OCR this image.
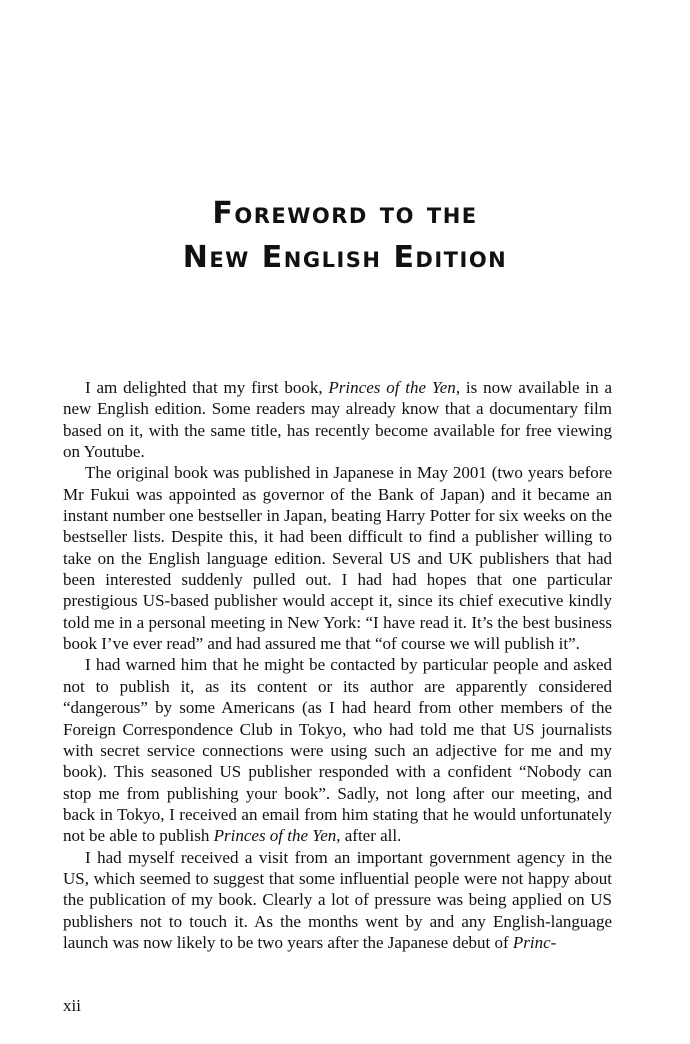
Foreword to the
New English Edition

I am delighted that my first book, Princes of the Yen, is now available in a new English edition. Some readers may already know that a documentary film based on it, with the same title, has recently become available for free viewing on Youtube.

The original book was published in Japanese in May 2001 (two years before Mr Fukui was appointed as governor of the Bank of Japan) and it became an instant number one bestseller in Japan, beating Harry Potter for six weeks on the bestseller lists. Despite this, it had been difficult to find a publisher willing to take on the English language edition. Several US and UK publishers that had been interested suddenly pulled out. I had had hopes that one particular prestigious US-based publisher would accept it, since its chief executive kindly told me in a personal meeting in New York: “I have read it. It’s the best business book I’ve ever read” and had assured me that “of course we will publish it”.

I had warned him that he might be contacted by particular people and asked not to publish it, as its content or its author are apparently considered “dangerous” by some Americans (as I had heard from other members of the Foreign Correspondence Club in Tokyo, who had told me that US journalists with secret service connections were using such an adjective for me and my book). This seasoned US publisher responded with a confident “Nobody can stop me from publishing your book”. Sadly, not long after our meeting, and back in Tokyo, I received an email from him stating that he would unfortunately not be able to publish Princes of the Yen, after all.

I had myself received a visit from an important government agency in the US, which seemed to suggest that some influential people were not happy about the publication of my book. Clearly a lot of pressure was being applied on US publishers not to touch it. As the months went by and any English-language launch was now likely to be two years after the Japanese debut of Princ-

xii
